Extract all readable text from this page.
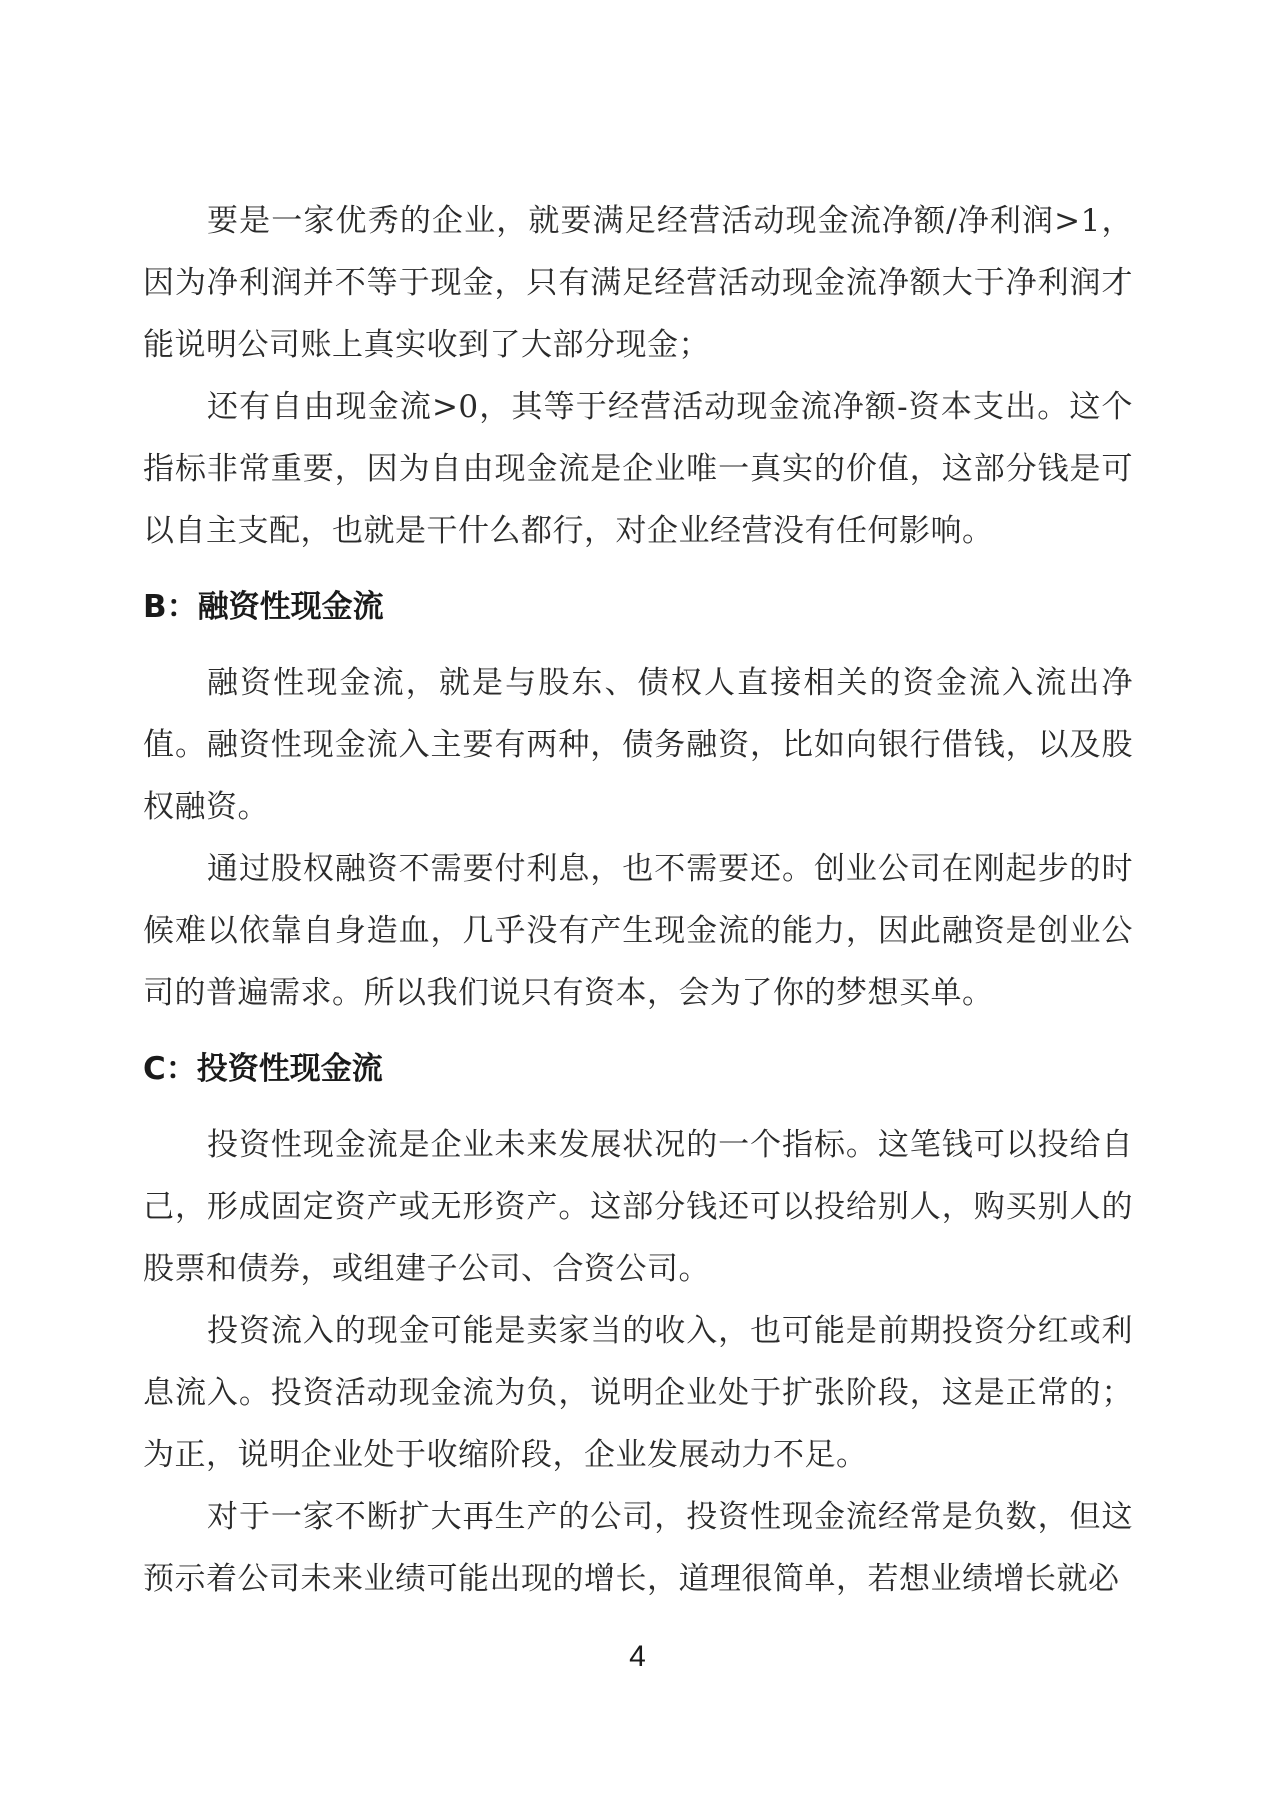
要是一家优秀的企业，就要满足经营活动现金流净额/净利润>1，因为净利润并不等于现金，只有满足经营活动现金流净额大于净利润才能说明公司账上真实收到了大部分现金；

还有自由现金流>0，其等于经营活动现金流净额-资本支出。这个指标非常重要，因为自由现金流是企业唯一真实的价值，这部分钱是可以自主支配，也就是干什么都行，对企业经营没有任何影响。

B：融资性现金流

融资性现金流，就是与股东、债权人直接相关的资金流入流出净值。融资性现金流入主要有两种，债务融资，比如向银行借钱，以及股权融资。

通过股权融资不需要付利息，也不需要还。创业公司在刚起步的时候难以依靠自身造血，几乎没有产生现金流的能力，因此融资是创业公司的普遍需求。所以我们说只有资本，会为了你的梦想买单。

C：投资性现金流

投资性现金流是企业未来发展状况的一个指标。这笔钱可以投给自己，形成固定资产或无形资产。这部分钱还可以投给别人，购买别人的股票和债券，或组建子公司、合资公司。

投资流入的现金可能是卖家当的收入，也可能是前期投资分红或利息流入。投资活动现金流为负，说明企业处于扩张阶段，这是正常的；为正，说明企业处于收缩阶段，企业发展动力不足。

对于一家不断扩大再生产的公司，投资性现金流经常是负数，但这预示着公司未来业绩可能出现的增长，道理很简单，若想业绩增长就必

4
